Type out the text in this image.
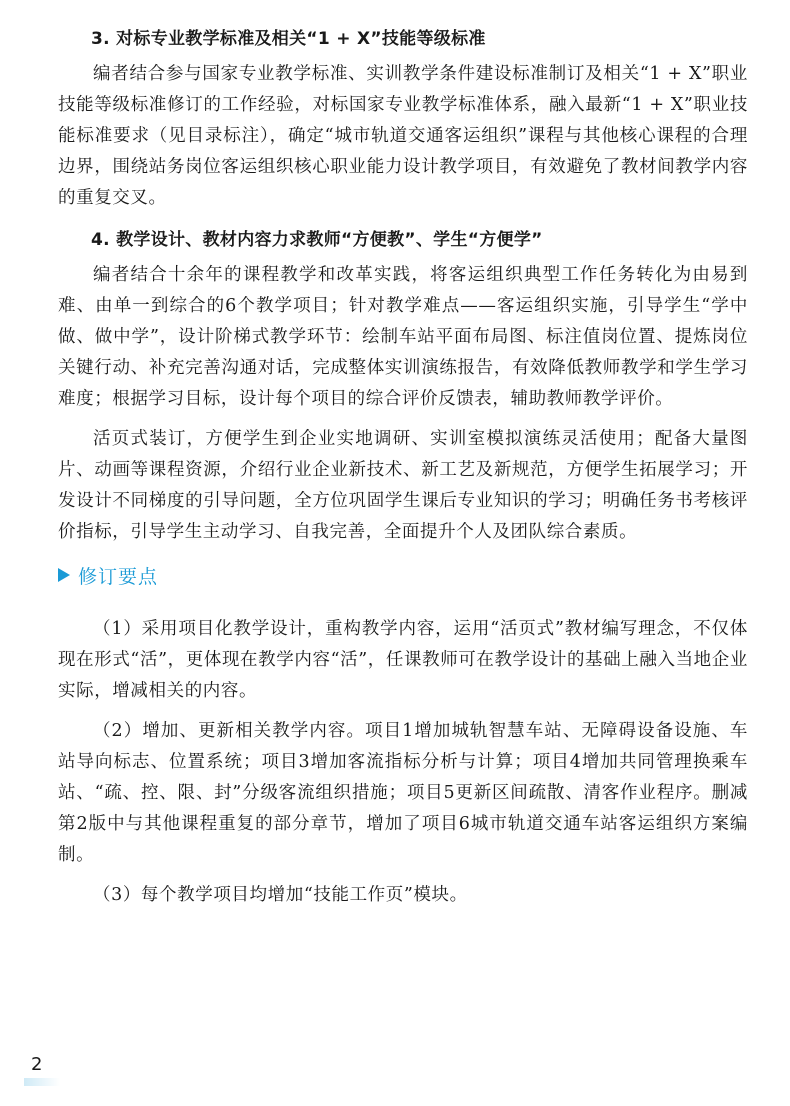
3. 对标专业教学标准及相关“1 + X”技能等级标准

编者结合参与国家专业教学标准、实训教学条件建设标准制订及相关“1 + X”职业技能等级标准修订的工作经验，对标国家专业教学标准体系，融入最新“1 + X”职业技能标准要求（见目录标注），确定“城市轨道交通客运组织”课程与其他核心课程的合理边界，围绕站务岗位客运组织核心职业能力设计教学项目，有效避免了教材间教学内容的重复交叉。

4. 教学设计、教材内容力求教师“方便教”、学生“方便学”

编者结合十余年的课程教学和改革实践，将客运组织典型工作任务转化为由易到难、由单一到综合的6个教学项目；针对教学难点——客运组织实施，引导学生“学中做、做中学”，设计阶梯式教学环节：绘制车站平面布局图、标注值岗位置、提炼岗位关键行动、补充完善沟通对话，完成整体实训演练报告，有效降低教师教学和学生学习难度；根据学习目标，设计每个项目的综合评价反馈表，辅助教师教学评价。

活页式装订，方便学生到企业实地调研、实训室模拟演练灵活使用；配备大量图片、动画等课程资源，介绍行业企业新技术、新工艺及新规范，方便学生拓展学习；开发设计不同梯度的引导问题，全方位巩固学生课后专业知识的学习；明确任务书考核评价指标，引导学生主动学习、自我完善，全面提升个人及团队综合素质。

修订要点

（1）采用项目化教学设计，重构教学内容，运用“活页式”教材编写理念，不仅体现在形式“活”，更体现在教学内容“活”，任课教师可在教学设计的基础上融入当地企业实际，增减相关的内容。

（2）增加、更新相关教学内容。项目1增加城轨智慧车站、无障碍设备设施、车站导向标志、位置系统；项目3增加客流指标分析与计算；项目4增加共同管理换乘车站、“疏、控、限、封”分级客流组织措施；项目5更新区间疏散、清客作业程序。删减第2版中与其他课程重复的部分章节，增加了项目6城市轨道交通车站客运组织方案编制。

（3）每个教学项目均增加“技能工作页”模块。

2
